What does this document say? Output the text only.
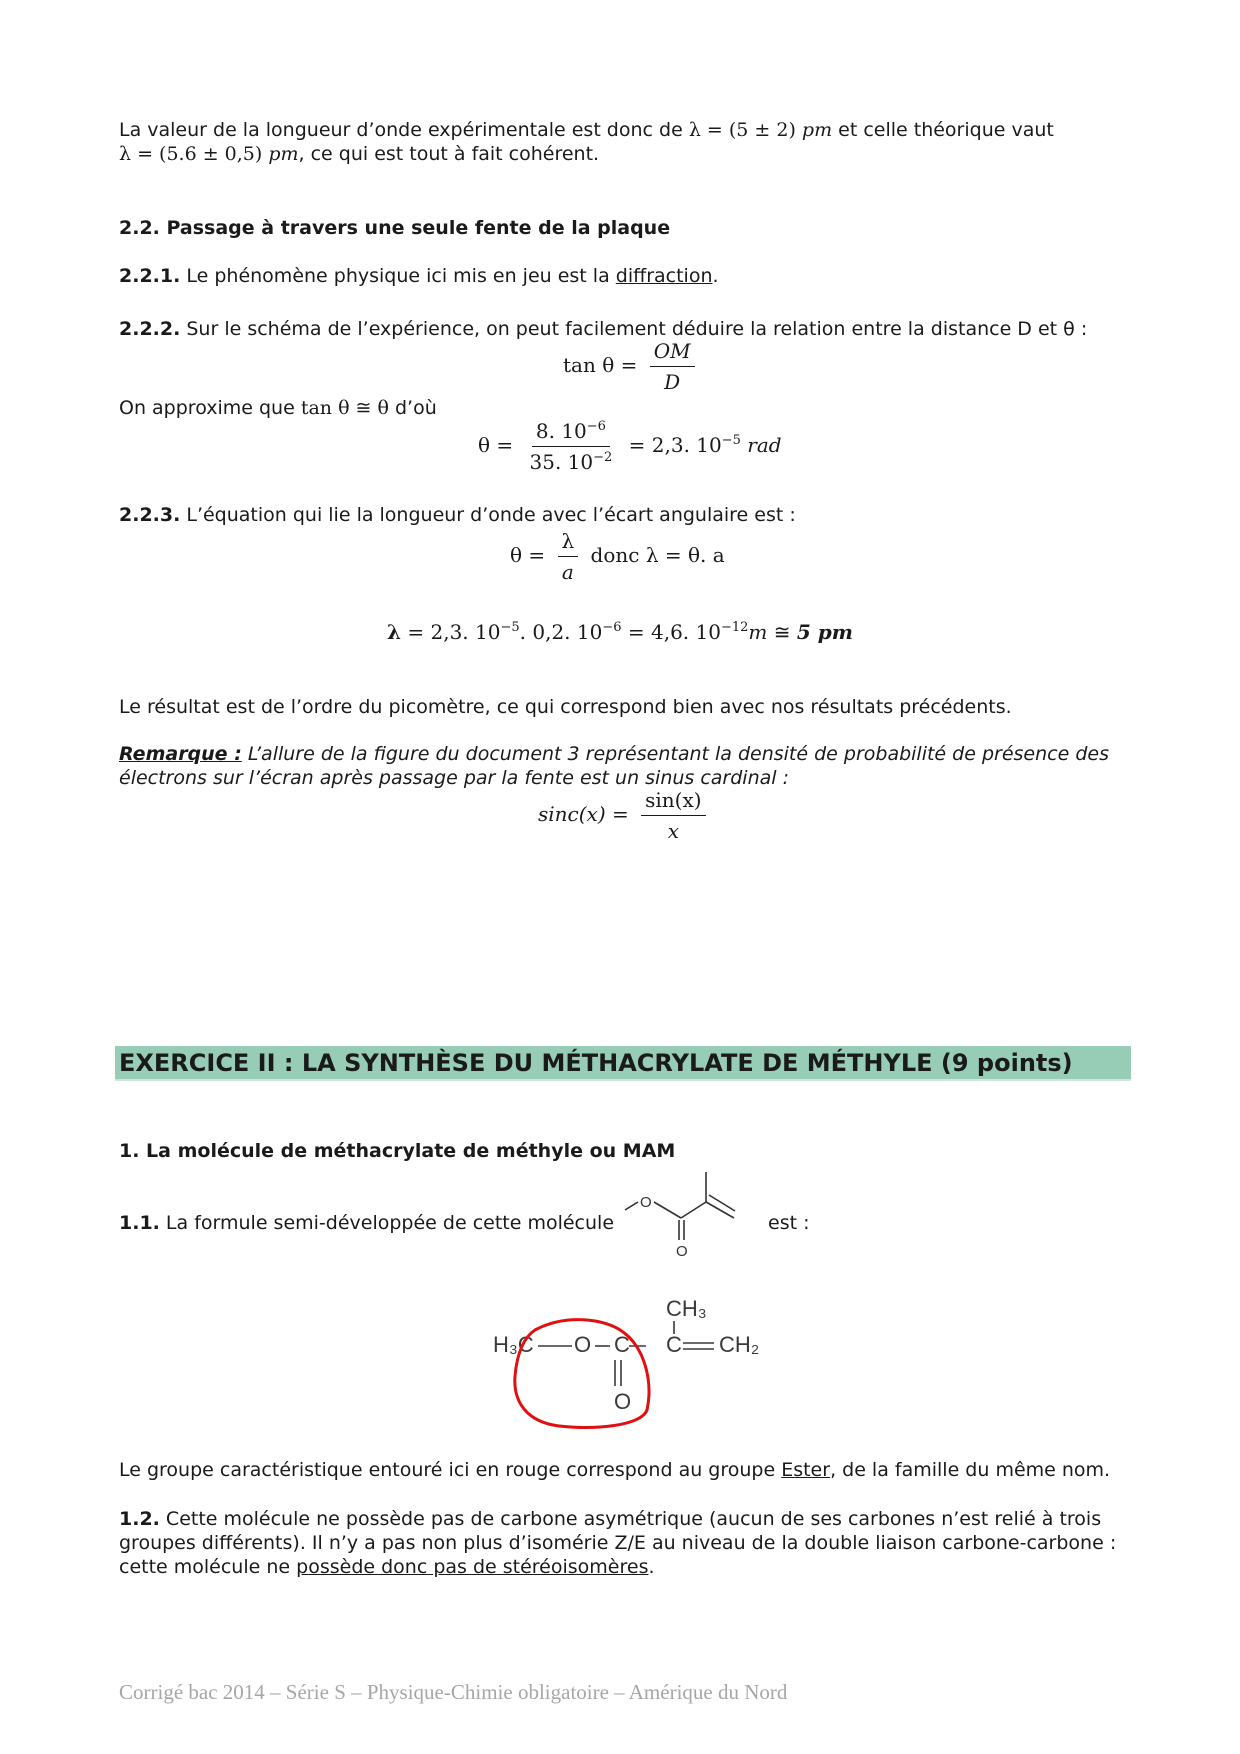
La valeur de la longueur d’onde expérimentale est donc de λ = (5 ± 2) pm et celle théorique vaut
λ = (5.6 ± 0,5) pm, ce qui est tout à fait cohérent.
2.2. Passage à travers une seule fente de la plaque
2.2.1. Le phénomène physique ici mis en jeu est la diffraction.
2.2.2. Sur le schéma de l’expérience, on peut facilement déduire la relation entre la distance D et θ :
$\tan \theta = \frac{OM}{D}$
On approxime que tan θ ≅ θ d’où
$\theta = \frac{8. 10^{-6}}{35. 10^{-2}} = 2,3$. $10^{-5}$ rad
2.2.3. L’équation qui lie la longueur d’onde avec l’écart angulaire est :
$\theta = \frac{\lambda}{a}$ donc λ = θ. a
λ = 2,3. $10^{-5}$. 0,2. $10^{-6} = 4,6$. $10^{-12}m$ ≅ 5 pm
Le résultat est de l’ordre du picomètre, ce qui correspond bien avec nos résultats précédents.
Remarque : L’allure de la figure du document 3 représentant la densité de probabilité de présence des
électrons sur l’écran après passage par la fente est un sinus cardinal :
$\sin c(x) = \frac{\sin(x)}{x}$
EXERCICE II : LA SYNTHÈSE DU MÉTHACRYLATE DE MÉTHYLE (9 points)
1. La molécule de méthacrylate de méthyle ou MAM
1.1. La formule semi-développée de cette molécule
O
O
est :
CH₃
H₃C O C C CH₂
O
Le groupe caractéristique entouré ici en rouge correspond au groupe Ester, de la famille du même nom.
1.2. Cette molécule ne possède pas de carbone asymétrique (aucun de ses carbones n’est relié à trois
groupes différents). Il n’y a pas non plus d’isomérie Z/E au niveau de la double liaison carbone-carbone :
cette molécule ne possède donc pas de stéréoisomères.
Corrigé bac 2014 – Série S – Physique-Chimie obligatoire – Amérique du Nord
